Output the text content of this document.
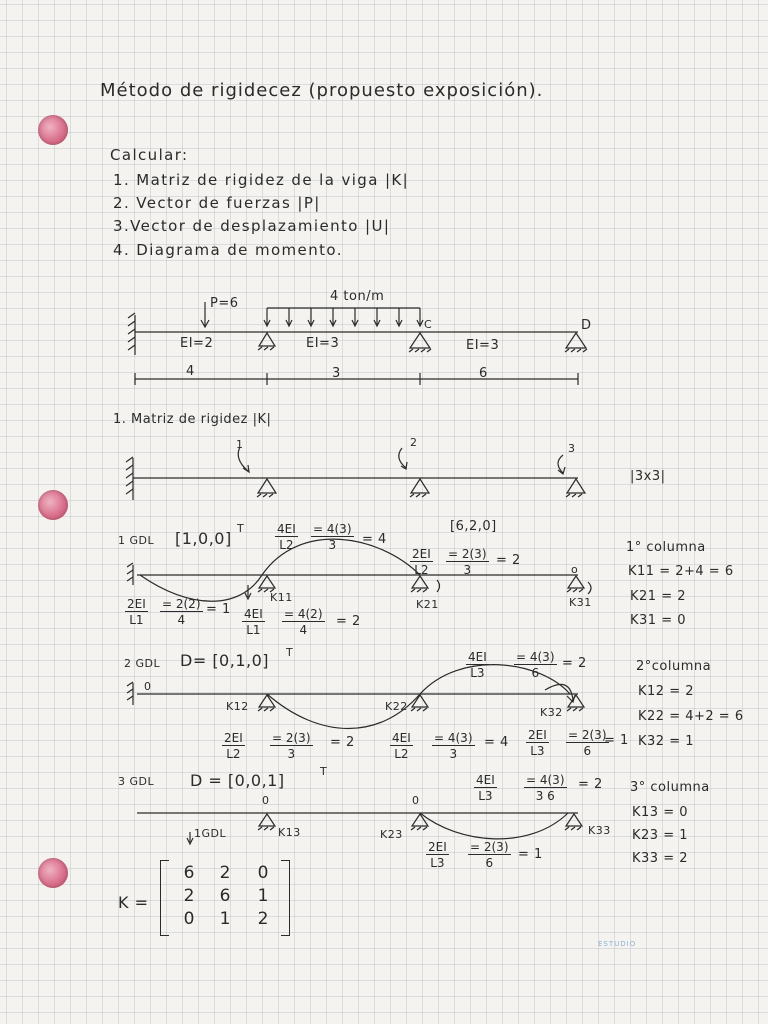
Método de rigidecez (propuesto exposición).
Calcular:
1. Matriz de rigidez de la viga |K|
2. Vector de fuerzas |P|
3.Vector de desplazamiento |U|
4. Diagrama de momento.
P=6	4 ton/m
C	D
EI=2	EI=3	EI=3
4	3	6
1. Matriz de rigidez |K|
1	2	3
|3x3|
1 GDL [1,0,0]
T	$\frac{4EI}{L2} \frac{= 4(3)}{3} = 4$
[6,2,0]
$\frac{2EI}{L2} \frac{= 2(3)}{3} = 2$
K11
K21	K31
o
$\frac{2EI}{L1} \frac{= 2(2)}{4} = 1 \frac{4EI}{L1} \frac{= 4(2)}{4} = 2$
1° columna
K11 = 2+4 = 6
K21 = 2
K31 = 0
2 GDL D= [0,1,0] T
0
$\frac{4EI}{L3} \frac{= 4(3)}{6} = 2$
K12	K22	K32
$\frac{2EI}{L2} \frac{= 2(3)}{3} = 2$	$\frac{4EI}{L2} \frac{= 4(3)}{3} = 4 \frac{2EI}{L3} \frac{= 2(3)}{6}$
= 1
2°columna
K12 = 2
K22 = 4+2 = 6
K32 = 1
3 GDL D = [0,0,1]	T
0	0	$\frac{4EI}{L3} \frac{= 4(3)}{3 6} = 2$
1GDL	K13	K23	K33
$\frac{2EI}{L3} \frac{= 2(3)}{6} = 1$
3° columna
K13 = 0
K23 = 1
K33 = 2
K =
6	2	0
2	6	1
0	1	2
ESTUDIO
